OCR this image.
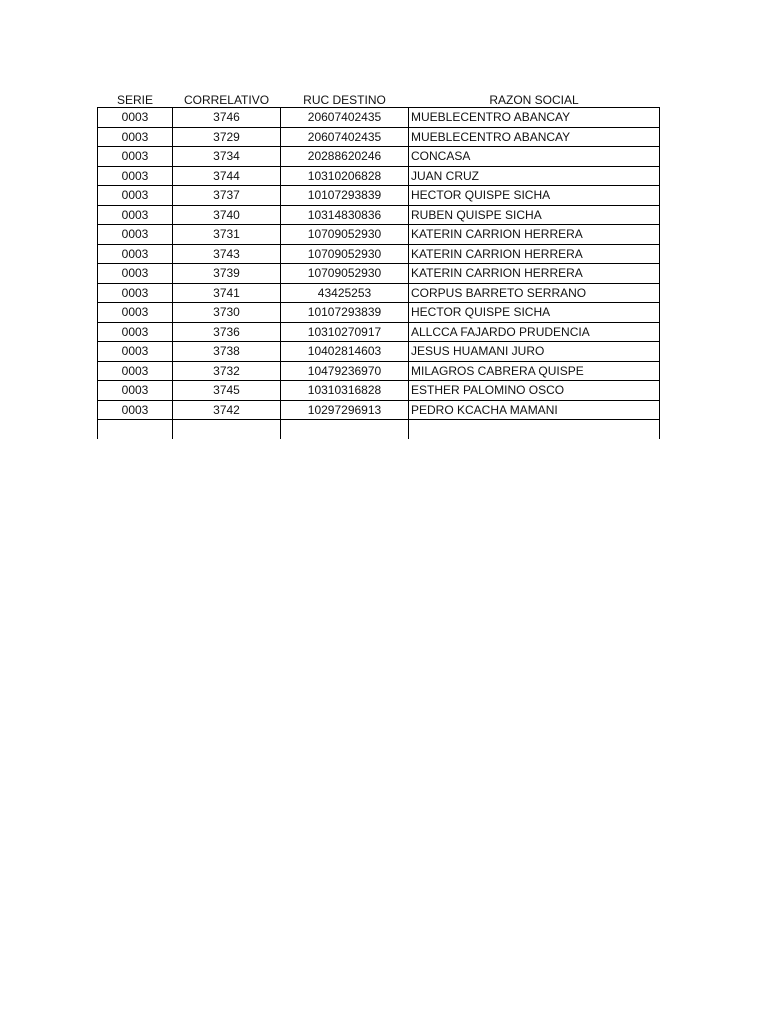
SERIE	CORRELATIVO	RUC DESTINO	RAZON SOCIAL
0003	3746	20607402435	MUEBLECENTRO ABANCAY
0003	3729	20607402435	MUEBLECENTRO ABANCAY
0003	3734	20288620246	CONCASA
0003	3744	10310206828	JUAN CRUZ
0003	3737	10107293839	HECTOR QUISPE SICHA
0003	3740	10314830836	RUBEN QUISPE SICHA
0003	3731	10709052930	KATERIN CARRION HERRERA
0003	3743	10709052930	KATERIN CARRION HERRERA
0003	3739	10709052930	KATERIN CARRION HERRERA
0003	3741	43425253	CORPUS BARRETO SERRANO
0003	3730	10107293839	HECTOR QUISPE SICHA
0003	3736	10310270917	ALLCCA FAJARDO PRUDENCIA
0003	3738	10402814603	JESUS HUAMANI JURO
0003	3732	10479236970	MILAGROS CABRERA QUISPE
0003	3745	10310316828	ESTHER PALOMINO OSCO
0003	3742	10297296913	PEDRO KCACHA MAMANI
